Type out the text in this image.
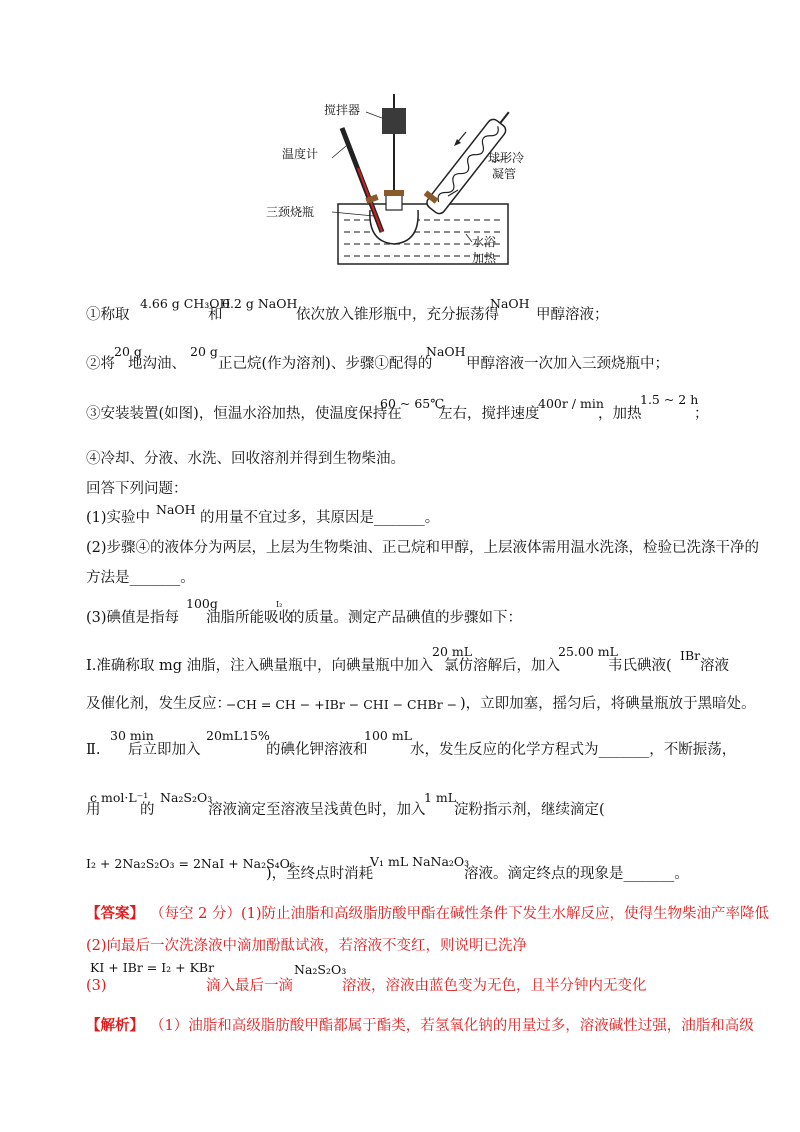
搅拌器
温度计	球形冷
凝管
三颈烧瓶
水浴
加热
①称取
4.66 g CH₃OH
和
0.2 g NaOH
依次放入锥形瓶中，充分振荡得
NaOH
甲醇溶液；
②将
20 g
地沟油、
20 g
正己烷(作为溶剂)、步骤①配得的
NaOH
甲醇溶液一次加入三颈烧瓶中；
③安装装置(如图)，恒温水浴加热，使温度保持在
60 ~ 65℃
左右，搅拌速度
400r / min
，加热
1.5 ~ 2 h
；
④冷却、分液、水洗、回收溶剂并得到生物柴油。
回答下列问题：
(1)实验中
NaOH
的用量不宜过多，其原因是_______。
(2)步骤④的液体分为两层，上层为生物柴油、正己烷和甲醇，上层液体需用温水洗涤，检验已洗涤干净的
方法是_______。
(3)碘值是指每
100g
油脂所能吸收
I₂
的质量。测定产品碘值的步骤如下：
Ⅰ.准确称取 mg 油脂，注入碘量瓶中，向碘量瓶中加入
20 mL
氯仿溶解后，加入
25.00 mL
韦氏碘液(
IBr
溶液
及催化剂，发生反应：
−CH = CH − +IBr − CHI − CHBr − )，立即加塞，摇匀后，将碘量瓶放于黑暗处。
Ⅱ.
30 min
后立即加入
20mL15%
的碘化钾溶液和
100 mL
水，发生反应的化学方程式为_______，不断振荡，
用
c mol·L⁻¹
的
Na₂S₂O₃
溶液滴定至溶液呈浅黄色时，加入
1 mL
淀粉指示剂，继续滴定(
I₂ + 2Na₂S₂O₃ = 2NaI + Na₂S₄O₆
)，至终点时消耗
V₁ mL NaNa₂O₃
溶液。滴定终点的现象是_______。
【答案】 （每空 2 分）(1)防止油脂和高级脂肪酸甲酯在碱性条件下发生水解反应，使得生物柴油产率降低
(2)向最后一次洗涤液中滴加酚酞试液，若溶液不变红，则说明已洗净
(3)
KI + IBr = I₂ + KBr
滴入最后一滴
Na₂S₂O₃
溶液，溶液由蓝色变为无色，且半分钟内无变化
【解析】 （1）油脂和高级脂肪酸甲酯都属于酯类，若氢氧化钠的用量过多，溶液碱性过强，油脂和高级
